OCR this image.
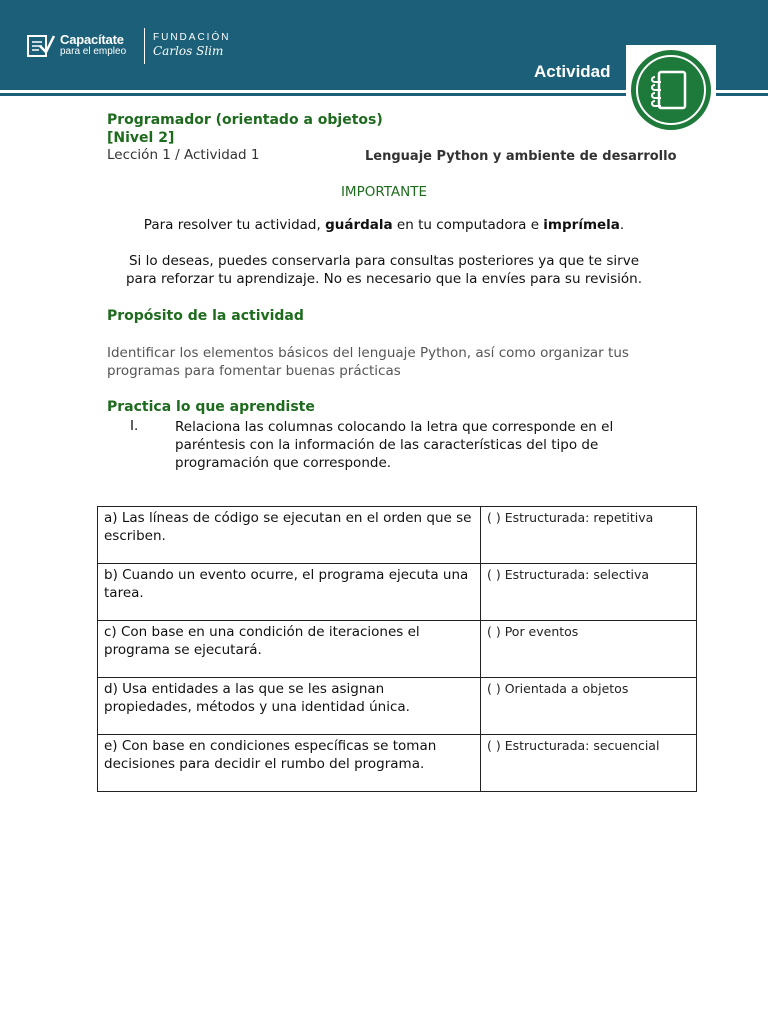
Capacítate
para el empleo
FUNDACIÓN
Carlos Slim
Actividad
Programador (orientado a objetos) [Nivel 2]
Lección 1 / Actividad 1	Lenguaje Python y ambiente de desarrollo
IMPORTANTE
Para resolver tu actividad, guárdala en tu computadora e imprímela.
Si lo deseas, puedes conservarla para consultas posteriores ya que te sirve
para reforzar tu aprendizaje. No es necesario que la envíes para su revisión.
Propósito de la actividad
Identificar los elementos básicos del lenguaje Python, así como organizar tus programas para fomentar buenas prácticas
Practica lo que aprendiste
I.	Relaciona las columnas colocando la letra que corresponde en el paréntesis con la información de las características del tipo de programación que corresponde.
a) Las líneas de código se ejecutan en el orden que se escriben.	( ) Estructurada: repetitiva
b) Cuando un evento ocurre, el programa ejecuta una tarea.	( ) Estructurada: selectiva
c) Con base en una condición de iteraciones el programa se ejecutará.	( ) Por eventos
d) Usa entidades a las que se les asignan propiedades, métodos y una identidad única.	( ) Orientada a objetos
e) Con base en condiciones específicas se toman decisiones para decidir el rumbo del programa.	( ) Estructurada: secuencial
